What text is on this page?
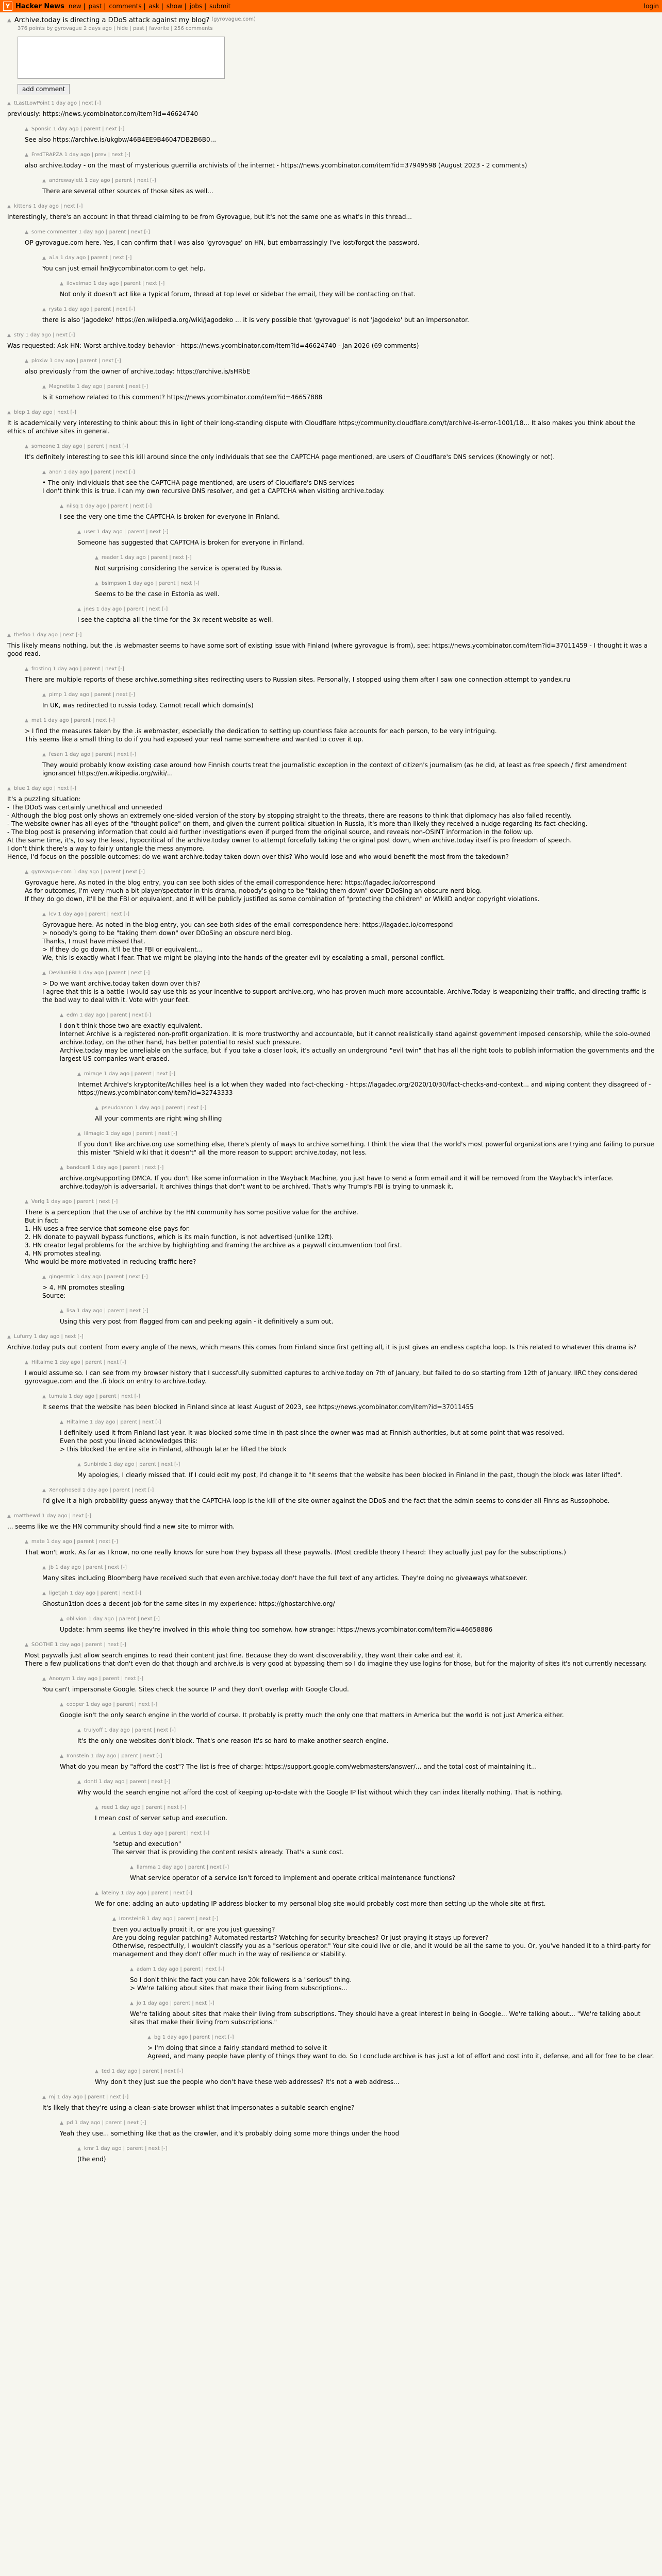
Y Hacker News new | past | comments | ask | show | jobs | submit	login
▲ Archive.today is directing a DDoS attack against my blog? (gyrovague.com)
376 points by gyrovague 2 days ago | hide | past | favorite | 256 comments
add comment
▲ tLastLowPoint 1 day ago | next [-]
previously: https://news.ycombinator.com/item?id=46624740
▲ Sponsic 1 day ago | parent | next [-]
See also https://archive.is/ukgbw/46B4EE9B46047DB2B6B0...
▲ FredTRAPZA 1 day ago | prev | next [-]
also archive.today - on the mast of mysterious guerrilla archivists of the internet - https://news.ycombinator.com/item?id=37949598 (August 2023 - 2 comments)
▲ andrewaylett 1 day ago | parent | next [-]
There are several other sources of those sites as well...
▲ kittens 1 day ago | next [-]
Interestingly, there's an account in that thread claiming to be from Gyrovague, but it's not the same one as what's in this thread...
▲ some commenter 1 day ago | parent | next [-]
OP gyrovague.com here. Yes, I can confirm that I was also 'gyrovague' on HN, but embarrassingly I've lost/forgot the password.
▲ a1a 1 day ago | parent | next [-]
You can just email hn@ycombinator.com to get help.
▲ ilovelmao 1 day ago | parent | next [-]
Not only it doesn't act like a typical forum, thread at top level or sidebar the email, they will be contacting on that.
▲ rysta 1 day ago | parent | next [-]
there is also 'jagodeko' https://en.wikipedia.org/wiki/Jagodeko ... it is very possible that 'gyrovague' is not 'jagodeko' but an impersonator.
▲ stry 1 day ago | next [-]
Was requested: Ask HN: Worst archive.today behavior - https://news.ycombinator.com/item?id=46624740 - Jan 2026 (69 comments)
▲ ploxiw 1 day ago | parent | next [-]
also previously from the owner of archive.today: https://archive.is/sHRbE
▲ Magnetite 1 day ago | parent | next [-]
Is it somehow related to this comment? https://news.ycombinator.com/item?id=46657888
▲ blep 1 day ago | next [-]
It is academically very interesting to think about this in light of their long-standing dispute with Cloudflare https://community.cloudflare.com/t/archive-is-error-1001/18... It also makes you think about the ethics of archive sites in general.
▲ someone 1 day ago | parent | next [-]
It's definitely interesting to see this kill around since the only individuals that see the CAPTCHA page mentioned, are users of Cloudflare's DNS services (Knowingly or not).
▲ anon 1 day ago | parent | next [-]
• The only individuals that see the CAPTCHA page mentioned, are users of Cloudflare's DNS services
I don't think this is true. I can my own recursive DNS resolver, and get a CAPTCHA when visiting archive.today.
▲ nilsq 1 day ago | parent | next [-]
I see the very one time the CAPTCHA is broken for everyone in Finland.
▲ user 1 day ago | parent | next [-]
Someone has suggested that CAPTCHA is broken for everyone in Finland.
▲ reader 1 day ago | parent | next [-]
Not surprising considering the service is operated by Russia.
▲ bsimpson 1 day ago | parent | next [-]
Seems to be the case in Estonia as well.
▲ jnes 1 day ago | parent | next [-]
I see the captcha all the time for the 3x recent website as well.
▲ thefoo 1 day ago | next [-]
This likely means nothing, but the .is webmaster seems to have some sort of existing issue with Finland (where gyrovague is from), see: https://news.ycombinator.com/item?id=37011459 - I thought it was a good read.
▲ frosting 1 day ago | parent | next [-]
There are multiple reports of these archive.something sites redirecting users to Russian sites. Personally, I stopped using them after I saw one connection attempt to yandex.ru
▲ pimp 1 day ago | parent | next [-]
In UK, was redirected to russia today. Cannot recall which domain(s)
▲ mat 1 day ago | parent | next [-]
> I find the measures taken by the .is webmaster, especially the dedication to setting up countless fake accounts for each person, to be very intriguing.
This seems like a small thing to do if you had exposed your real name somewhere and wanted to cover it up.
▲ fesan 1 day ago | parent | next [-]
They would probably know existing case around how Finnish courts treat the journalistic exception in the context of citizen's journalism (as he did, at least as free speech / first amendment ignorance) https://en.wikipedia.org/wiki/...
▲ blue 1 day ago | next [-]
It's a puzzling situation:
- The DDoS was certainly unethical and unneeded
- Although the blog post only shows an extremely one-sided version of the story by stopping straight to the threats, there are reasons to think that diplomacy has also failed recently.
- The website owner has all eyes of the "thought police" on them, and given the current political situation in Russia, it's more than likely they received a nudge regarding its fact-checking.
- The blog post is preserving information that could aid further investigations even if purged from the original source, and reveals non-OSINT information in the follow up.
At the same time, it's, to say the least, hypocritical of the archive.today owner to attempt forcefully taking the original post down, when archive.today itself is pro freedom of speech.
I don't think there's a way to fairly untangle the mess anymore.
Hence, I'd focus on the possible outcomes: do we want archive.today taken down over this? Who would lose and who would benefit the most from the takedown?
▲ gyrovague-com 1 day ago | parent | next [-]
Gyrovague here. As noted in the blog entry, you can see both sides of the email correspondence here: https://lagadec.io/correspond
As for outcomes, I'm very much a bit player/spectator in this drama, nobody's going to be "taking them down" over DDoSing an obscure nerd blog.
If they do go down, it'll be the FBI or equivalent, and it will be publicly justified as some combination of "protecting the children" or WikiID and/or copyright violations.
▲ lcv 1 day ago | parent | next [-]
Gyrovague here. As noted in the blog entry, you can see both sides of the email correspondence here: https://lagadec.io/correspond
> nobody's going to be "taking them down" over DDoSing an obscure nerd blog.
Thanks, I must have missed that.
> If they do go down, it'll be the FBI or equivalent...
We, this is exactly what I fear. That we might be playing into the hands of the greater evil by escalating a small, personal conflict.
▲ DevilunFBI 1 day ago | parent | next [-]
> Do we want archive.today taken down over this?
I agree that this is a battle I would say use this as your incentive to support archive.org, who has proven much more accountable. Archive.Today is weaponizing their traffic, and directing traffic is the bad way to deal with it. Vote with your feet.
▲ edm 1 day ago | parent | next [-]
I don't think those two are exactly equivalent.
Internet Archive is a registered non-profit organization. It is more trustworthy and accountable, but it cannot realistically stand against government imposed censorship, while the solo-owned archive.today, on the other hand, has better potential to resist such pressure.
Archive.today may be unreliable on the surface, but if you take a closer look, it's actually an underground "evil twin" that has all the right tools to publish information the governments and the largest US companies want erased.
▲ mirage 1 day ago | parent | next [-]
Internet Archive's kryptonite/Achilles heel is a lot when they waded into fact-checking - https://lagadec.org/2020/10/30/fact-checks-and-context... and wiping content they disagreed of - https://news.ycombinator.com/item?id=32743333
▲ pseudoanon 1 day ago | parent | next [-]
All your comments are right wing shilling
▲ lilmagic 1 day ago | parent | next [-]
If you don't like archive.org use something else, there's plenty of ways to archive something. I think the view that the world's most powerful organizations are trying and failing to pursue this mister "Shield wiki that it doesn't" all the more reason to support archive.today, not less.
▲ bandcarll 1 day ago | parent | next [-]
archive.org/supporting DMCA. If you don't like some information in the Wayback Machine, you just have to send a form email and it will be removed from the Wayback's interface.
archive.today/ph is adversarial. It archives things that don't want to be archived. That's why Trump's FBI is trying to unmask it.
▲ Verlg 1 day ago | parent | next [-]
There is a perception that the use of archive by the HN community has some positive value for the archive.
But in fact:
1. HN uses a free service that someone else pays for.
2. HN donate to paywall bypass functions, which is its main function, is not advertised (unlike 12ft).
3. HN creator legal problems for the archive by highlighting and framing the archive as a paywall circumvention tool first.
4. HN promotes stealing.
Who would be more motivated in reducing traffic here?
▲ gingermic 1 day ago | parent | next [-]
> 4. HN promotes stealing
Source:
▲ lisa 1 day ago | parent | next [-]
Using this very post from flagged from can and peeking again - it definitively a sum out.
▲ Lufurry 1 day ago | next [-]
Archive.today puts out content from every angle of the news, which means this comes from Finland since first getting all, it is just gives an endless captcha loop. Is this related to whatever this drama is?
▲ Hiltalme 1 day ago | parent | next [-]
I would assume so. I can see from my browser history that I successfully submitted captures to archive.today on 7th of January, but failed to do so starting from 12th of January. IIRC they considered gyrovague.com and the .fi block on entry to archive.today.
▲ tumula 1 day ago | parent | next [-]
It seems that the website has been blocked in Finland since at least August of 2023, see https://news.ycombinator.com/item?id=37011455
▲ Hiltalme 1 day ago | parent | next [-]
I definitely used it from Finland last year. It was blocked some time in th past since the owner was mad at Finnish authorities, but at some point that was resolved.
Even the post you linked acknowledges this:
> this blocked the entire site in Finland, although later he lifted the block
▲ Sunbirde 1 day ago | parent | next [-]
My apologies, I clearly missed that. If I could edit my post, I'd change it to "It seems that the website has been blocked in Finland in the past, though the block was later lifted".
▲ Xenophosed 1 day ago | parent | next [-]
I'd give it a high-probability guess anyway that the CAPTCHA loop is the kill of the site owner against the DDoS and the fact that the admin seems to consider all Finns as Russophobe.
▲ matthewd 1 day ago | next [-]
... seems like we the HN community should find a new site to mirror with.
▲ mate 1 day ago | parent | next [-]
That won't work. As far as I know, no one really knows for sure how they bypass all these paywalls. (Most credible theory I heard: They actually just pay for the subscriptions.)
▲ jb 1 day ago | parent | next [-]
Many sites including Bloomberg have received such that even archive.today don't have the full text of any articles. They're doing no giveaways whatsoever.
▲ ligetjah 1 day ago | parent | next [-]
Ghostun1tion does a decent job for the same sites in my experience: https://ghostarchive.org/
▲ oblivion 1 day ago | parent | next [-]
Update: hmm seems like they're involved in this whole thing too somehow. how strange: https://news.ycombinator.com/item?id=46658886
▲ SOOTHE 1 day ago | parent | next [-]
Most paywalls just allow search engines to read their content just fine. Because they do want discoverability, they want their cake and eat it.
There a few publications that don't even do that though and archive.is is very good at bypassing them so I do imagine they use logins for those, but for the majority of sites it's not currently necessary.
▲ Anonym 1 day ago | parent | next [-]
You can't impersonate Google. Sites check the source IP and they don't overlap with Google Cloud.
▲ cooper 1 day ago | parent | next [-]
Google isn't the only search engine in the world of course. It probably is pretty much the only one that matters in America but the world is not just America either.
▲ trulyoff 1 day ago | parent | next [-]
It's the only one websites don't block. That's one reason it's so hard to make another search engine.
▲ Ironstein 1 day ago | parent | next [-]
What do you mean by "afford the cost"? The list is free of charge: https://support.google.com/webmasters/answer/... and the total cost of maintaining it...
▲ dontl 1 day ago | parent | next [-]
Why would the search engine not afford the cost of keeping up-to-date with the Google IP list without which they can index literally nothing. That is nothing.
▲ reed 1 day ago | parent | next [-]
I mean cost of server setup and execution.
▲ Lentus 1 day ago | parent | next [-]
"setup and execution"
The server that is providing the content resists already. That's a sunk cost.
▲ llamma 1 day ago | parent | next [-]
What service operator of a service isn't forced to implement and operate critical maintenance functions?
▲ lateiny 1 day ago | parent | next [-]
We for one: adding an auto-updating IP address blocker to my personal blog site would probably cost more than setting up the whole site at first.
▲ IronsteinB 1 day ago | parent | next [-]
Even you actually proxit it, or are you just guessing?
Are you doing regular patching? Automated restarts? Watching for security breaches? Or just praying it stays up forever?
Otherwise, respectfully, I wouldn't classify you as a "serious operator." Your site could live or die, and it would be all the same to you. Or, you've handed it to a third-party for management and they don't offer much in the way of resilience or stability.
▲ adam 1 day ago | parent | next [-]
So I don't think the fact you can have 20k followers is a "serious" thing.
> We're talking about sites that make their living from subscriptions...
▲ jo 1 day ago | parent | next [-]
We're talking about sites that make their living from subscriptions. They should have a great interest in being in Google... We're talking about... "We're talking about sites that make their living from subscriptions."
▲ bg 1 day ago | parent | next [-]
> I'm doing that since a fairly standard method to solve it
Agreed, and many people have plenty of things they want to do. So I conclude archive is has just a lot of effort and cost into it, defense, and all for free to be clear.
▲ ted 1 day ago | parent | next [-]
Why don't they just sue the people who don't have these web addresses? It's not a web address...
▲ mj 1 day ago | parent | next [-]
It's likely that they're using a clean-slate browser whilst that impersonates a suitable search engine?
▲ pd 1 day ago | parent | next [-]
Yeah they use... something like that as the crawler, and it's probably doing some more things under the hood
▲ kmr 1 day ago | parent | next [-]
(the end)
